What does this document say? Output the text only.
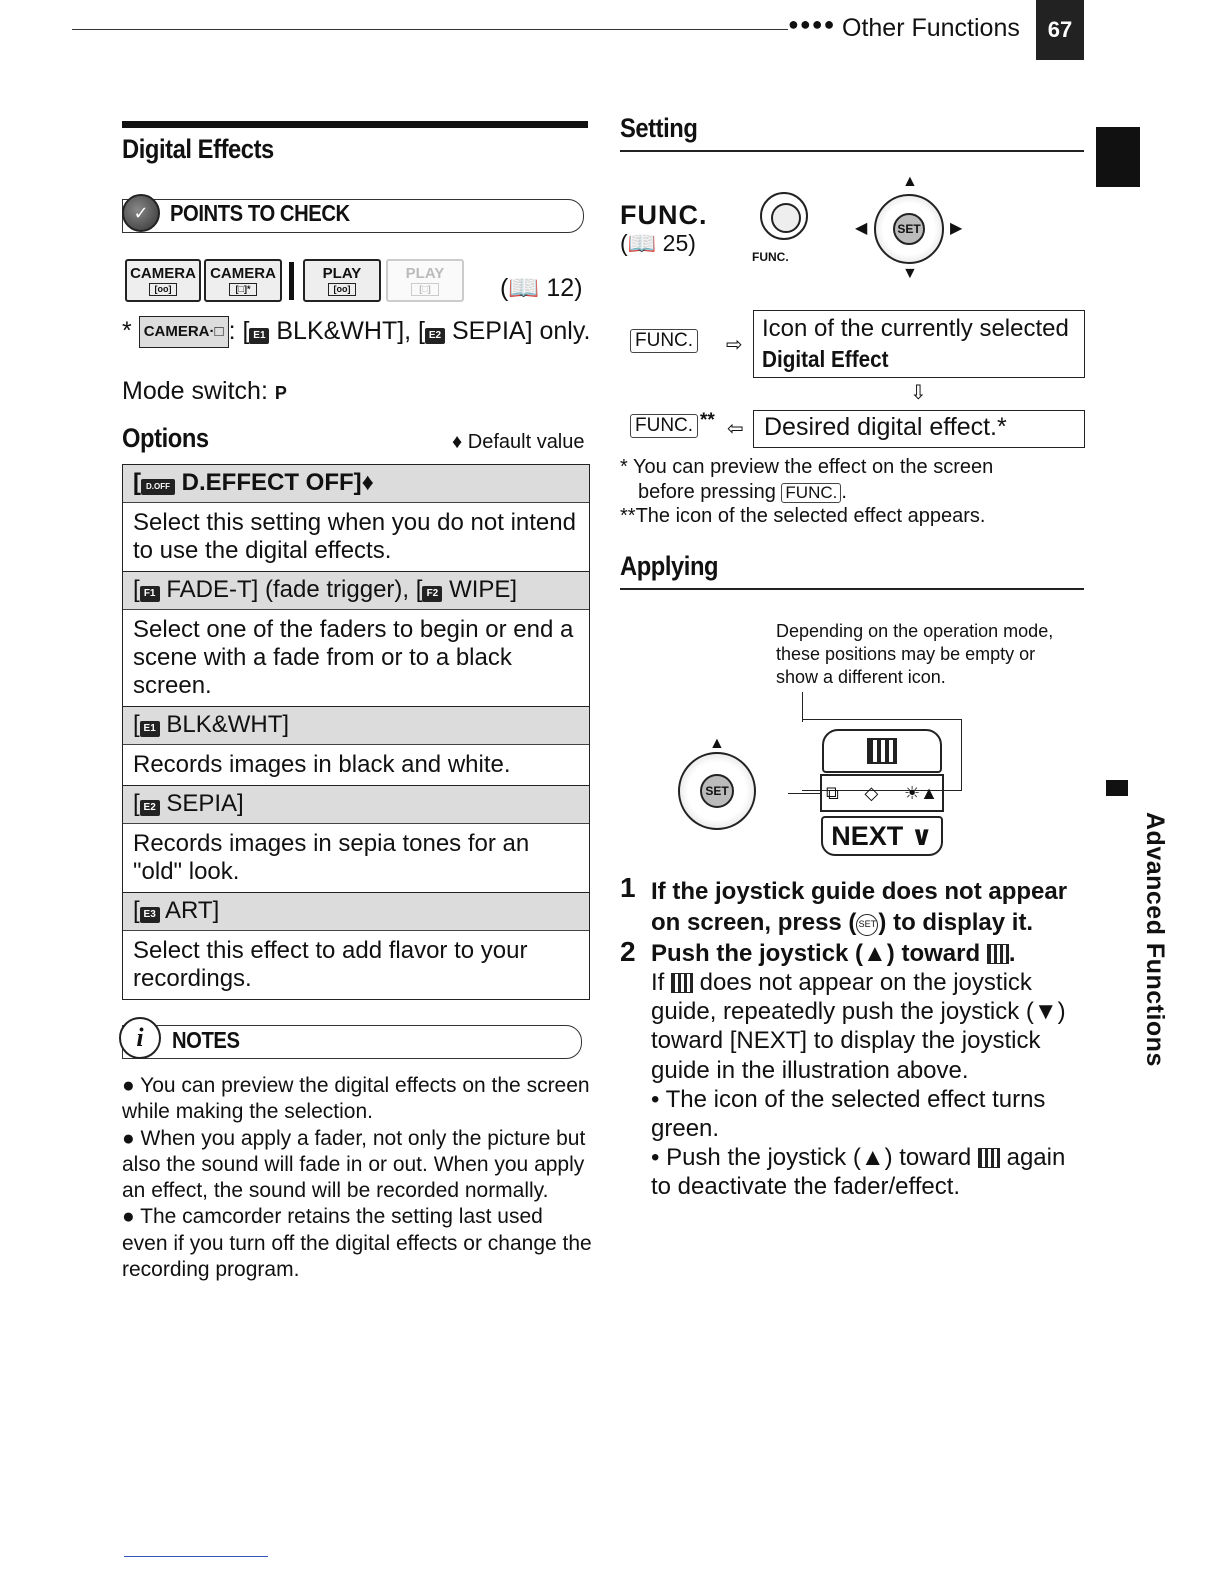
●●●● Other Functions	67
Advanced Functions
Digital Effects
✓ POINTS TO CHECK
CAMERA
[oo]
CAMERA
[□]*
PLAY
[oo]
PLAY
[□]	(📖 12)
* CAMERA·□ : [ E1 BLK&WHT], [ E2 SEPIA] only.
Mode switch: P
Options	♦ Default value
[ D.OFF D.EFFECT OFF]♦
Select this setting when you do not intend to use the digital effects.
[ F1 FADE-T] (fade trigger), [ F2 WIPE]
Select one of the faders to begin or end a scene with a fade from or to a black screen.
[ E1 BLK&WHT]
Records images in black and white.
[ E2 SEPIA]
Records images in sepia tones for an "old" look.
[ E3 ART]
Select this effect to add flavor to your recordings.
i	NOTES

● You can preview the digital effects on the screen while making the selection.

● When you apply a fader, not only the picture but also the sound will fade in or out. When you apply an effect, the sound will be recorded normally.

● The camcorder retains the setting last used even if you turn off the digital effects or change the recording program.

Setting
FUNC.
(📖 25)
FUNC.
SET
▲
▼
◀	▶
FUNC. ⇨
Icon of the currently selected
Digital Effect
⇩
FUNC. ** ⇦ Desired digital effect.*

* You can preview the effect on the screen

before pressing FUNC. .

**The icon of the selected effect appears.

Applying
Depending on the operation mode, these positions may be empty or show a different icon.
⧉ ◇ ☀▲
NEXT ∨
SET
▲
1 If the joystick guide does not appear on screen, press ( SET) to display it.
2 Push the joystick (▲) toward .
If  does not appear on the joystick guide, repeatedly push the joystick (▼) toward [NEXT] to display the joystick guide in the illustration above.
• The icon of the selected effect turns green.
• Push the joystick (▲) toward  again to deactivate the fader/effect.
